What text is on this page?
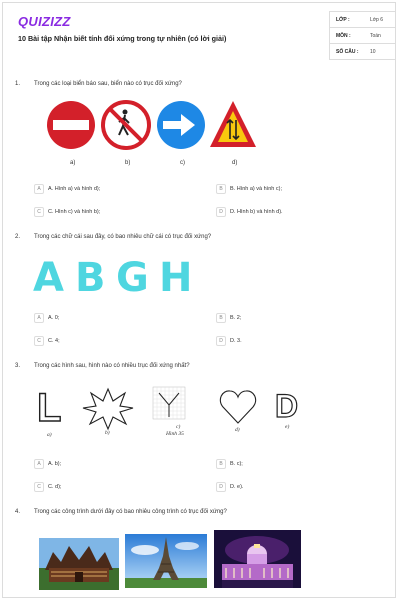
QUIZIZZ
10 Bài tập Nhận biết tính đối xứng trong tự nhiên (có lời giải)
LỚP :	Lớp 6
MÔN :	Toán
SỐ CÂU : 10
1. Trong các loại biển báo sau, biển nào có trục đối xứng?
a)	b)	c)	d)
A A. Hình a) và hình d);	B B. Hình a) và hình c);
C C. Hình c) và hình b);	D D. Hình b) và hình d).
2. Trong các chữ cái sau đây, có bao nhiêu chữ cái có trục đối xứng?
A B G H
A A. 0;	B B. 2;
C C. 4;	D D. 3.
3. Trong các hình sau, hình nào có nhiều trục đối xứng nhất?
L	D
a)	b)
c)
Hình 35
d)	e)
A A. b);	B B. c);
C C. d);	D D. e).
4. Trong các công trình dưới đây có bao nhiêu công trình có trục đối xứng?
